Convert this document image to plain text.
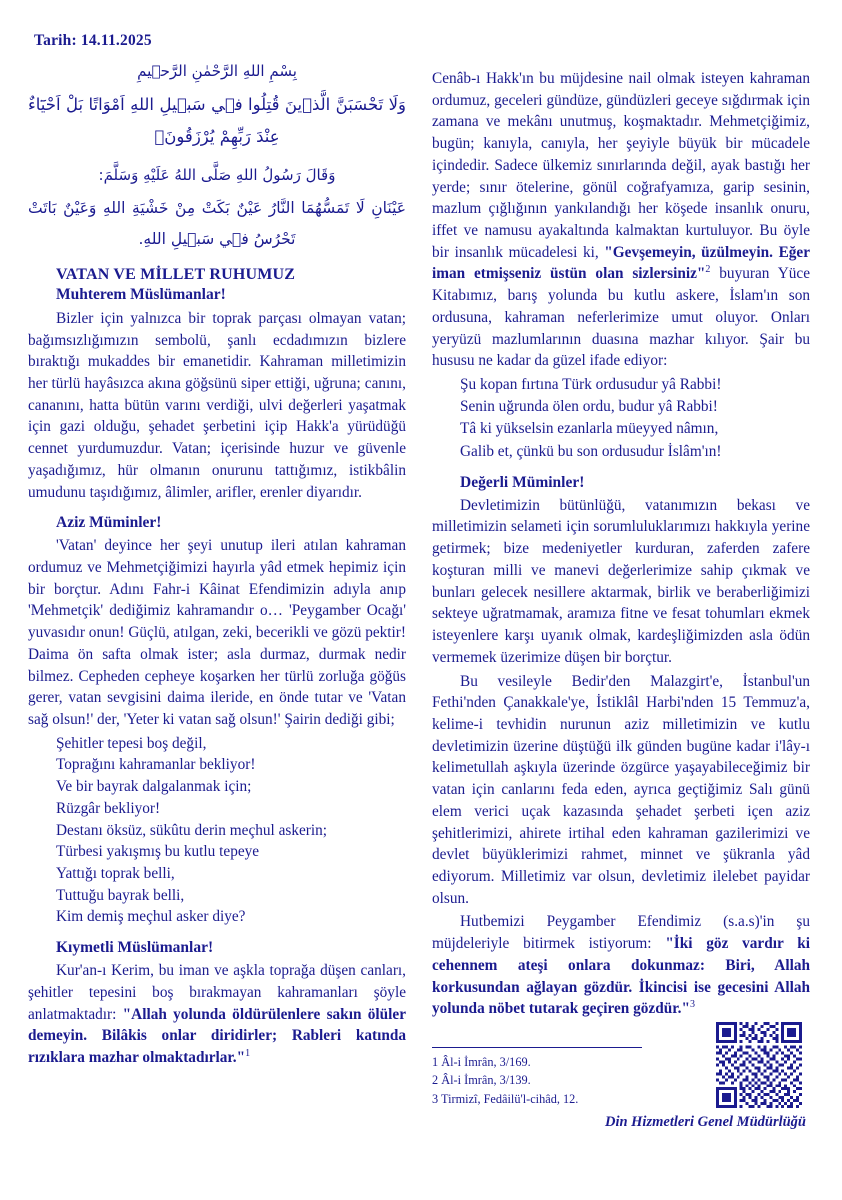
Tarih: 14.11.2025
بِسْمِ اللهِ الرَّحْمٰنِ الرَّح۪يمِ
وَلَا تَحْسَبَنَّ الَّذ۪ينَ قُتِلُوا ف۪ي سَب۪يلِ اللهِ اَمْوَاتًا بَلْ اَحْيَٓاءٌ عِنْدَ رَبِّهِمْ يُرْزَقُونَۙ
وَقَالَ رَسُولُ اللهِ صَلَّى اللهُ عَلَيْهِ وَسَلَّمَ:
عَيْنَانِ لَا تَمَسُّهُمَا النَّارُ عَيْنٌ بَكَتْ مِنْ خَشْيَةِ اللهِ وَعَيْنٌ بَاتَتْ تَحْرُسُ ف۪ي سَب۪يلِ اللهِ.
VATAN VE MİLLET RUHUMUZ
Muhterem Müslümanlar!

Bizler için yalnızca bir toprak parçası olmayan vatan; bağımsızlığımızın sembolü, şanlı ecdadımızın bizlere bıraktığı mukaddes bir emanetidir. Kahraman milletimizin her türlü hayâsızca akına göğsünü siper ettiği, uğruna; canını, cananını, hatta bütün varını verdiği, ulvi değerleri yaşatmak için gazi olduğu, şehadet şerbetini içip Hakk'a yürüdüğü cennet yurdumuzdur. Vatan; içerisinde huzur ve güvenle yaşadığımız, hür olmanın onurunu tattığımız, istikbâlin umudunu taşıdığımız, âlimler, arifler, erenler diyarıdır.

Aziz Müminler!

'Vatan' deyince her şeyi unutup ileri atılan kahraman ordumuz ve Mehmetçiğimizi hayırla yâd etmek hepimiz için bir borçtur. Adını Fahr-i Kâinat Efendimizin adıyla anıp 'Mehmetçik' dediğimiz kahramandır o… 'Peygamber Ocağı' yuvasıdır onun! Güçlü, atılgan, zeki, becerikli ve gözü pektir! Daima ön safta olmak ister; asla durmaz, durmak nedir bilmez. Cepheden cepheye koşarken her türlü zorluğa göğüs gerer, vatan sevgisini daima ileride, en önde tutar ve 'Vatan sağ olsun!' der, 'Yeter ki vatan sağ olsun!' Şairin dediği gibi;

Şehitler tepesi boş değil,
Toprağını kahramanlar bekliyor!
Ve bir bayrak dalgalanmak için;
Rüzgâr bekliyor!
Destanı öksüz, sükûtu derin meçhul askerin;
Türbesi yakışmış bu kutlu tepeye
Yattığı toprak belli,
Tuttuğu bayrak belli,
Kim demiş meçhul asker diye?
Kıymetli Müslümanlar!

Kur'an-ı Kerim, bu iman ve aşkla toprağa düşen canları, şehitler tepesini boş bırakmayan kahramanları şöyle anlatmaktadır: "Allah yolunda öldürülenlere sakın ölüler demeyin. Bilâkis onlar diridirler; Rableri katında rızıklara mazhar olmaktadırlar."$^1$

Cenâb-ı Hakk'ın bu müjdesine nail olmak isteyen kahraman ordumuz, geceleri gündüze, gündüzleri geceye sığdırmak için zamana ve mekânı unutmuş, koşmaktadır. Mehmetçiğimiz, bugün; kanıyla, canıyla, her şeyiyle büyük bir mücadele içindedir. Sadece ülkemiz sınırlarında değil, ayak bastığı her yerde; sınır ötelerine, gönül coğrafyamıza, garip sesinin, mazlum çığlığının yankılandığı her köşede insanlık onuru, iffet ve namusu ayakaltında kalmaktan kurtuluyor. Bu öyle bir insanlık mücadelesi ki, "Gevşemeyin, üzülmeyin. Eğer iman etmişseniz üstün olan sizlersiniz"$^2$ buyuran Yüce Kitabımız, barış yolunda bu kutlu askere, İslam'ın son ordusuna, kahraman neferlerimize umut oluyor. Onları yeryüzü mazlumlarının duasına mazhar kılıyor. Şair bu hususu ne kadar da güzel ifade ediyor:

Şu kopan fırtına Türk ordusudur yâ Rabbi!
Senin uğrunda ölen ordu, budur yâ Rabbi!
Tâ ki yükselsin ezanlarla müeyyed nâmın,
Galib et, çünkü bu son ordusudur İslâm'ın!
Değerli Müminler!

Devletimizin bütünlüğü, vatanımızın bekası ve milletimizin selameti için sorumluluklarımızı hakkıyla yerine getirmek; bize medeniyetler kurduran, zaferden zafere koşturan milli ve manevi değerlerimize sahip çıkmak ve bunları gelecek nesillere aktarmak, birlik ve beraberliğimizi sekteye uğratmamak, aramıza fitne ve fesat tohumları ekmek isteyenlere karşı uyanık olmak, kardeşliğimizden asla ödün vermemek üzerimize düşen bir borçtur.

Bu vesileyle Bedir'den Malazgirt'e, İstanbul'un Fethi'nden Çanakkale'ye, İstiklâl Harbi'nden 15 Temmuz'a, kelime-i tevhidin nurunun aziz milletimizin ve kutlu devletimizin üzerine düştüğü ilk günden bugüne kadar i'lây-ı kelimetullah aşkıyla üzerinde özgürce yaşayabileceğimiz bir vatan için canlarını feda eden, ayrıca geçtiğimiz Salı günü elem verici uçak kazasında şehadet şerbeti içen aziz şehitlerimizi, ahirete irtihal eden kahraman gazilerimizi ve devlet büyüklerimizi rahmet, minnet ve şükranla yâd ediyorum. Milletimiz var olsun, devletimiz ilelebet payidar olsun.

Hutbemizi Peygamber Efendimiz (s.a.s)'in şu müjdeleriyle bitirmek istiyorum: "İki göz vardır ki cehennem ateşi onlara dokunmaz: Biri, Allah korkusundan ağlayan gözdür. İkincisi ise gecesini Allah yolunda nöbet tutarak geçiren gözdür."$^3$

1 Âl-i İmrân, 3/169.
2 Âl-i İmrân, 3/139.
3 Tirmizî, Fedâilü'l-cihâd, 12.
Din Hizmetleri Genel Müdürlüğü
